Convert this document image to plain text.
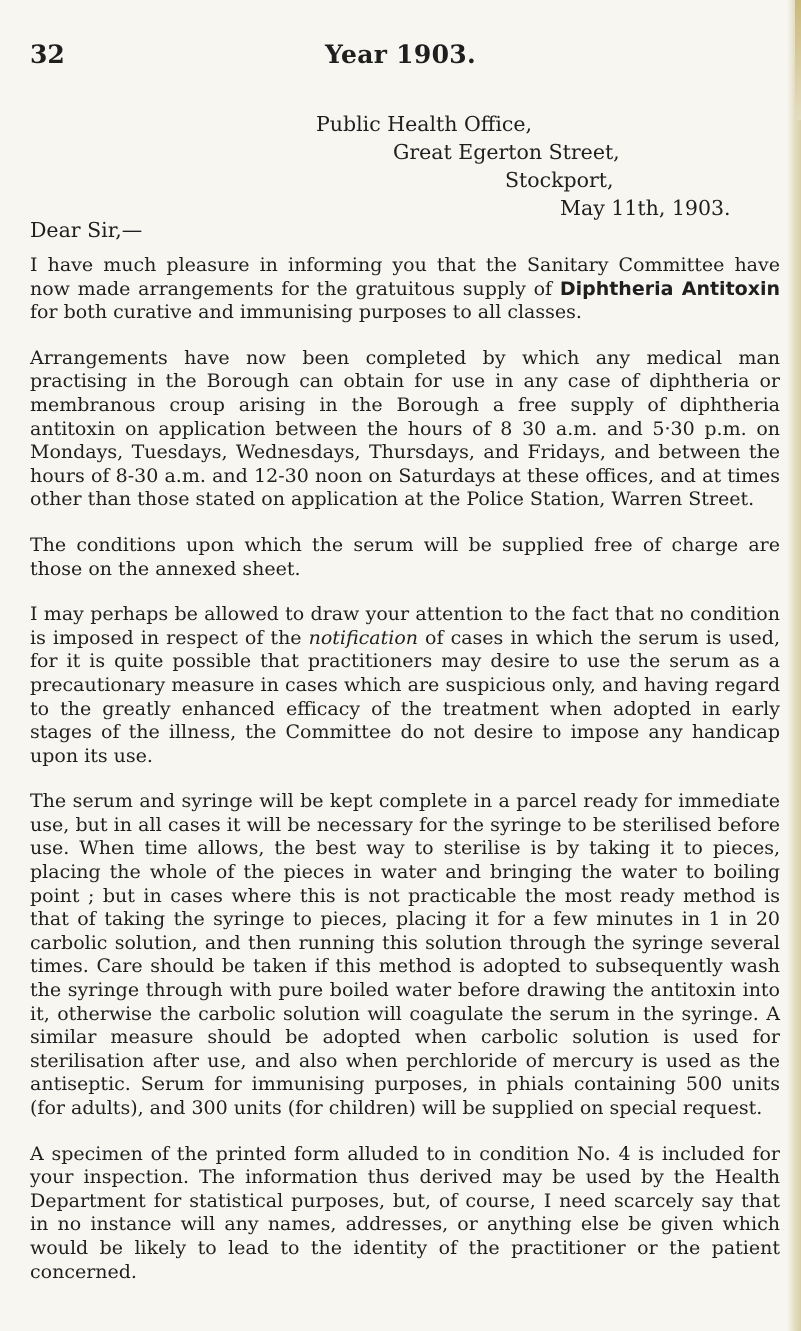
32	Year 1903.
Public Health Office,
Great Egerton Street,
Stockport,
May 11th, 1903.
Dear Sir,—

I have much pleasure in informing you that the Sanitary Committee have now made arrangements for the gratuitous supply of Diphtheria Antitoxin for both curative and immunising purposes to all classes.

Arrangements have now been completed by which any medical man practising in the Borough can obtain for use in any case of diphtheria or membranous croup arising in the Borough a free supply of diphtheria antitoxin on application between the hours of 8 30 a.m. and 5·30 p.m. on Mondays, Tuesdays, Wednesdays, Thursdays, and Fridays, and between the hours of 8-30 a.m. and 12-30 noon on Saturdays at these offices, and at times other than those stated on application at the Police Station, Warren Street.

The conditions upon which the serum will be supplied free of charge are those on the annexed sheet.

I may perhaps be allowed to draw your attention to the fact that no condition is imposed in respect of the notification of cases in which the serum is used, for it is quite possible that practitioners may desire to use the serum as a precautionary measure in cases which are suspicious only, and having regard to the greatly enhanced efficacy of the treatment when adopted in early stages of the illness, the Committee do not desire to impose any handicap upon its use.

The serum and syringe will be kept complete in a parcel ready for immediate use, but in all cases it will be necessary for the syringe to be sterilised before use. When time allows, the best way to sterilise is by taking it to pieces, placing the whole of the pieces in water and bringing the water to boiling point ; but in cases where this is not practicable the most ready method is that of taking the syringe to pieces, placing it for a few minutes in 1 in 20 carbolic solution, and then running this solution through the syringe several times. Care should be taken if this method is adopted to subsequently wash the syringe through with pure boiled water before drawing the antitoxin into it, otherwise the carbolic solution will coagulate the serum in the syringe. A similar measure should be adopted when carbolic solution is used for sterilisation after use, and also when perchloride of mercury is used as the antiseptic. Serum for immunising purposes, in phials containing 500 units (for adults), and 300 units (for children) will be supplied on special request.

A specimen of the printed form alluded to in condition No. 4 is included for your inspection. The information thus derived may be used by the Health Department for statistical purposes, but, of course, I need scarcely say that in no instance will any names, addresses, or anything else be given which would be likely to lead to the identity of the practitioner or the patient concerned.
